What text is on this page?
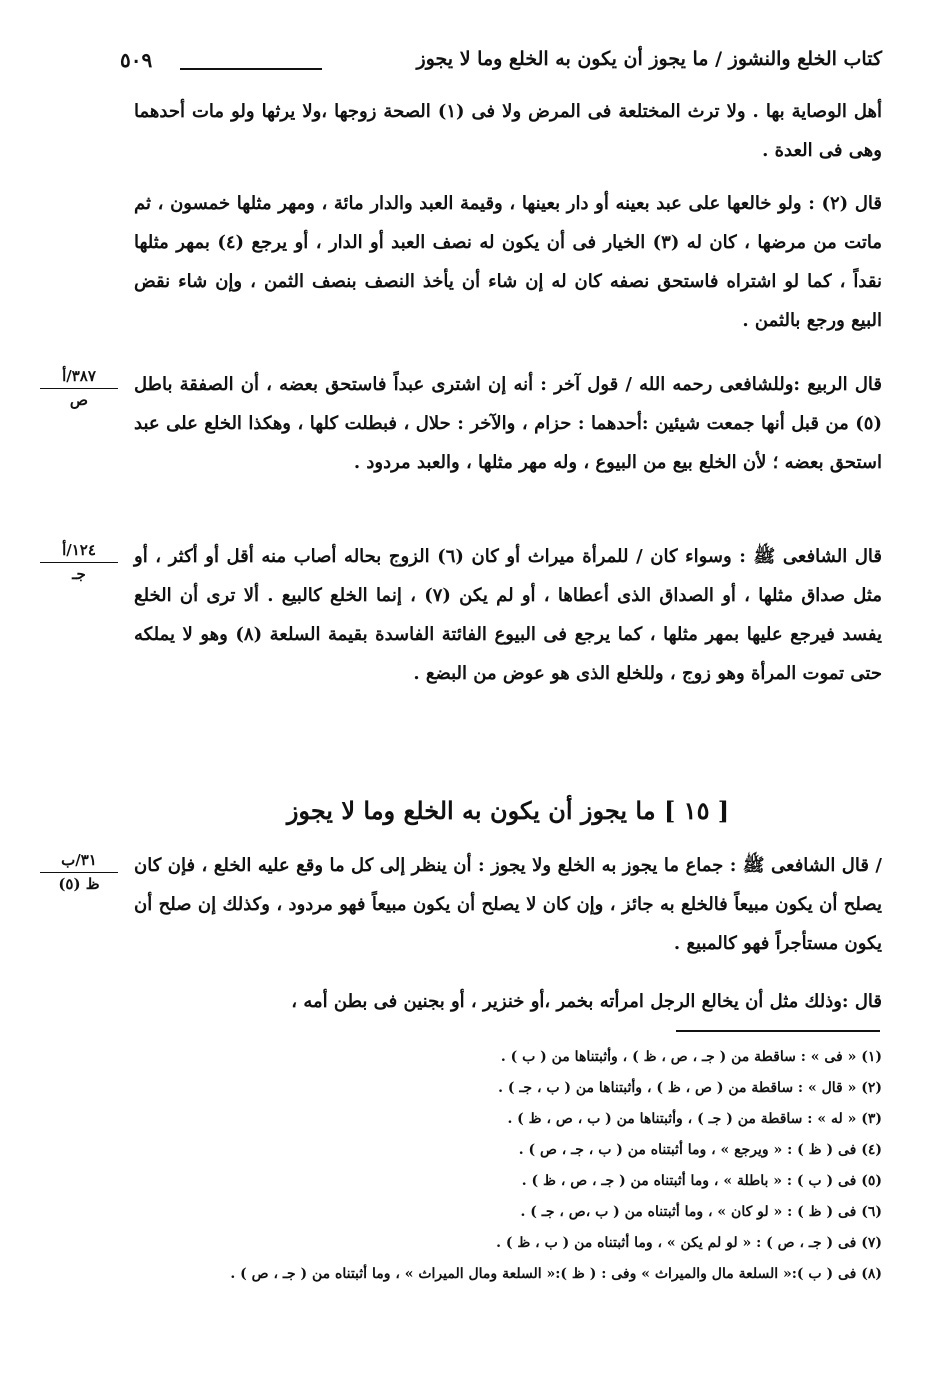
كتاب الخلع والنشوز / ما يجوز أن يكون به الخلع وما لا يجوز
٥٠٩

أهل الوصاية بها . ولا ترث المختلعة فى المرض ولا فى (١) الصحة زوجها ،ولا يرثها ولو مات أحدهما وهى فى العدة .

قال (٢) : ولو خالعها على عبد بعينه أو دار بعينها ، وقيمة العبد والدار مائة ، ومهر مثلها خمسون ، ثم ماتت من مرضها ، كان له (٣) الخيار فى أن يكون له نصف العبد أو الدار ، أو يرجع (٤) بمهر مثلها نقداً ، كما لو اشتراه فاستحق نصفه كان له إن شاء أن يأخذ النصف بنصف الثمن ، وإن شاء نقض البيع ورجع بالثمن .

قال الربيع :وللشافعى رحمه الله / قول آخر : أنه إن اشترى عبداً فاستحق بعضه ، أن الصفقة باطل (٥) من قبل أنها جمعت شيئين :أحدهما : حزام ، والآخر : حلال ، فبطلت كلها ، وهكذا الخلع على عبد استحق بعضه ؛ لأن الخلع بيع من البيوع ، وله مهر مثلها ، والعبد مردود .

قال الشافعى ﷺ : وسواء كان / للمرأة ميراث أو كان (٦) الزوج بحاله أصاب منه أقل أو أكثر ، أو مثل صداق مثلها ، أو الصداق الذى أعطاها ، أو لم يكن (٧) ، إنما الخلع كالبيع . ألا ترى أن الخلع يفسد فيرجع عليها بمهر مثلها ، كما يرجع فى البيوع الفائتة الفاسدة بقيمة السلعة (٨) وهو لا يملكه حتى تموت المرأة وهو زوج ، وللخلع الذى هو عوض من البضع .

[ ١٥ ] ما يجوز أن يكون به الخلع وما لا يجوز

/ قال الشافعى ﷺ : جماع ما يجوز به الخلع ولا يجوز : أن ينظر إلى كل ما وقع عليه الخلع ، فإن كان يصلح أن يكون مبيعاً فالخلع به جائز ، وإن كان لا يصلح أن يكون مبيعاً فهو مردود ، وكذلك إن صلح أن يكون مستأجراً فهو كالمبيع .

قال :وذلك مثل أن يخالع الرجل امرأته بخمر ،أو خنزير ، أو بجنين فى بطن أمه ،

٣٨٧/أ
ص
١٢٤/أ
جـ
٣١/ب
ظ (٥)
(١) « فى » : ساقطة من ( جـ ، ص ، ظ ) ، وأثبتناها من ( ب ) .
(٢) « قال » : ساقطة من ( ص ، ظ ) ، وأثبتناها من ( ب ، جـ ) .
(٣) « له » : ساقطة من ( جـ ) ، وأثبتناها من ( ب ، ص ، ظ ) .
(٤) فى ( ظ ) : « ويرجع » ، وما أثبتناه من ( ب ، جـ ، ص ) .
(٥) فى ( ب ) : « باطلة » ، وما أثبتناه من ( جـ ، ص ، ظ ) .
(٦) فى ( ظ ) : « لو كان » ، وما أثبتناه من ( ب ،ص ، جـ ) .
(٧) فى ( جـ ، ص ) : « لو لم يكن » ، وما أثبتناه من ( ب ، ظ ) .
(٨) فى ( ب ):« السلعة مال والميراث » وفى : ( ظ ):« السلعة ومال الميراث » ، وما أثبتناه من ( جـ ، ص ) .
